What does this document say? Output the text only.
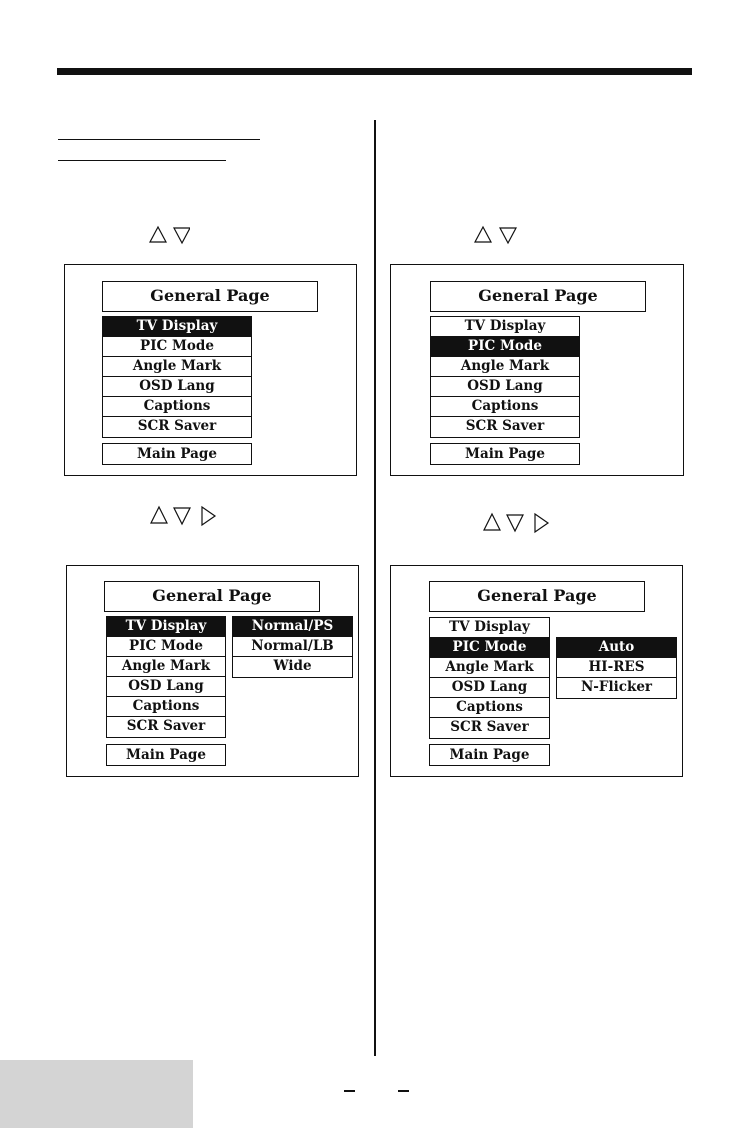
General Page
TV Display
PIC Mode
Angle Mark
OSD Lang
Captions
SCR Saver
Main Page
General Page
TV Display
PIC Mode
Angle Mark
OSD Lang
Captions
SCR Saver
Main Page
General Page
TV Display
PIC Mode
Angle Mark
OSD Lang
Captions
SCR Saver
Normal/PS
Normal/LB
Wide
Main Page
General Page
TV Display
PIC Mode
Angle Mark
OSD Lang
Captions
SCR Saver
Auto
HI-RES
N-Flicker
Main Page
